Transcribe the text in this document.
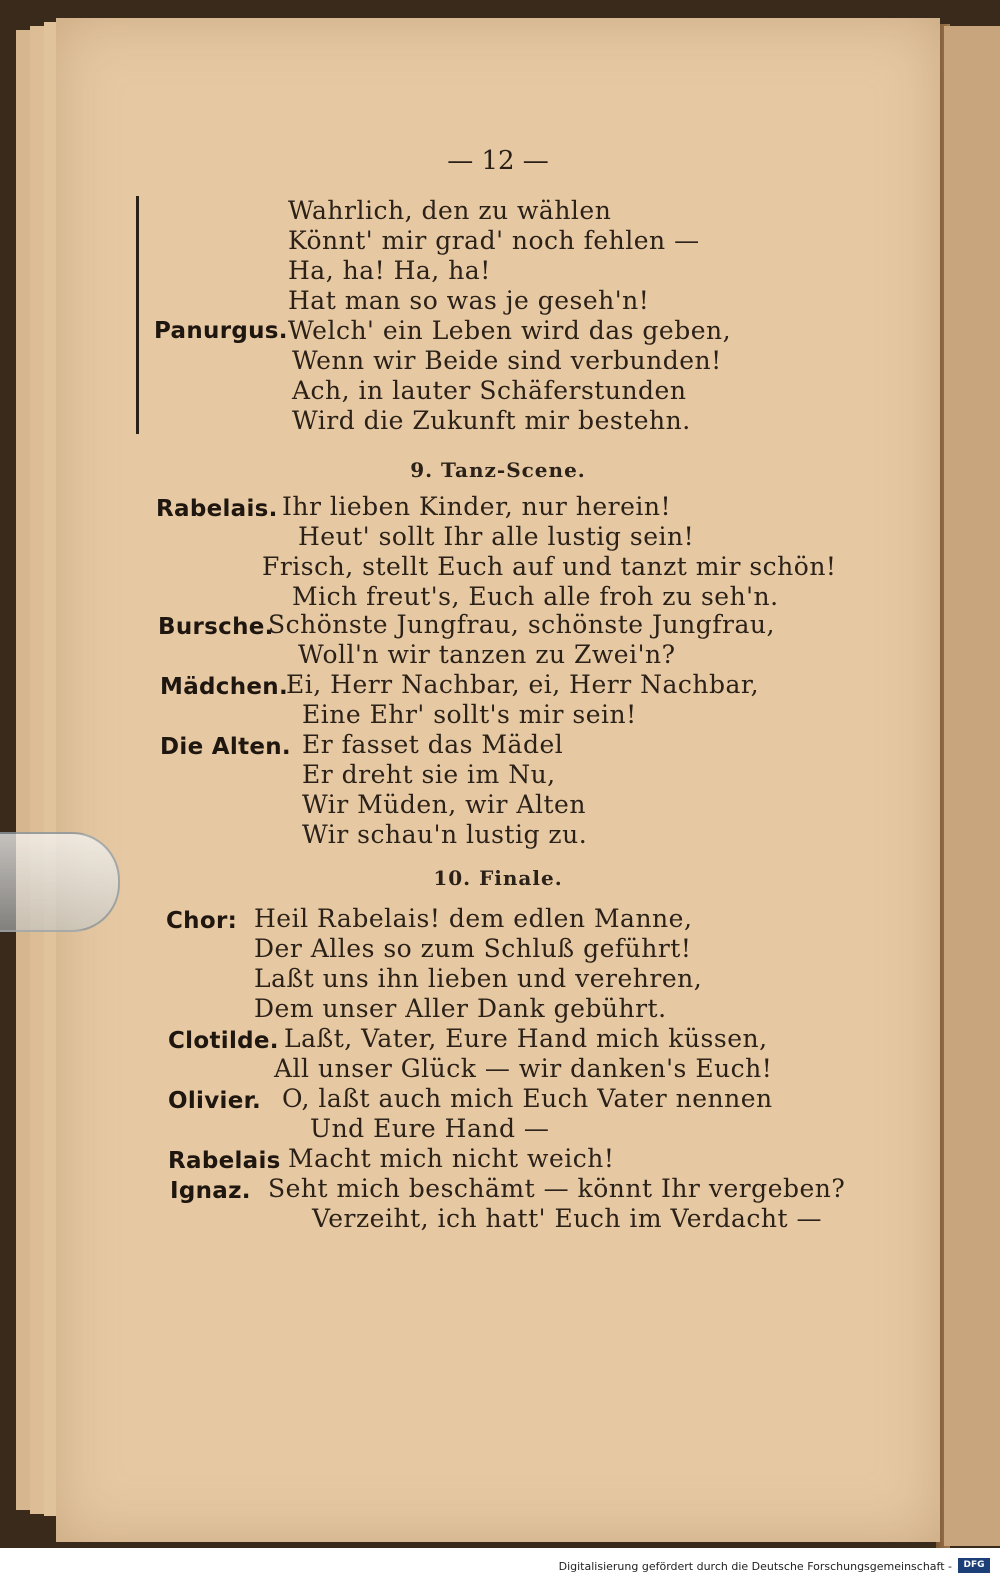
— 12 —
Wahrlich, den zu wählen
Könnt' mir grad' noch fehlen —
Ha, ha! Ha, ha!
Hat man so was je geseh'n!
Panurgus. Welch' ein Leben wird das geben,
Wenn wir Beide sind verbunden!
Ach, in lauter Schäferstunden
Wird die Zukunft mir bestehn.
9. Tanz-Scene.
Rabelais. Ihr lieben Kinder, nur herein!
Heut' sollt Ihr alle lustig sein!
Frisch, stellt Euch auf und tanzt mir schön!
Mich freut's, Euch alle froh zu seh'n.
Bursche.
Schönste Jungfrau, schönste Jungfrau,
Woll'n wir tanzen zu Zwei'n?
Mädchen.
Ei, Herr Nachbar, ei, Herr Nachbar,
Eine Ehr' sollt's mir sein!
Die Alten. Er fasset das Mädel
Er dreht sie im Nu,
Wir Müden, wir Alten
Wir schau'n lustig zu.
10. Finale.
Chor: Heil Rabelais! dem edlen Manne,
Der Alles so zum Schluß geführt!
Laßt uns ihn lieben und verehren,
Dem unser Aller Dank gebührt.
Clotilde. Laßt, Vater, Eure Hand mich küssen,
All unser Glück — wir danken's Euch!
Olivier. O, laßt auch mich Euch Vater nennen
Und Eure Hand —
Rabelais Macht mich nicht weich!
Ignaz. Seht mich beschämt — könnt Ihr vergeben?
Verzeiht, ich hatt' Euch im Verdacht —
Digitalisierung gefördert durch die Deutsche Forschungsgemeinschaft -	DFG
